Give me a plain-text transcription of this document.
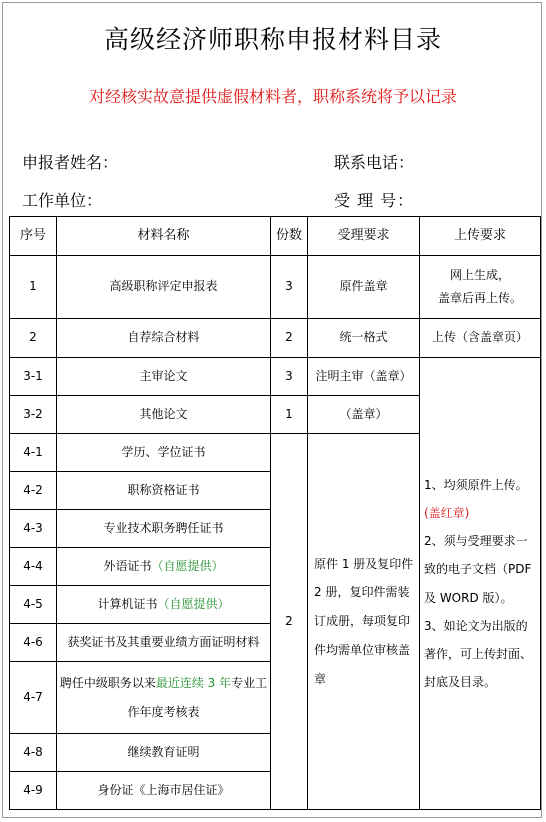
高级经济师职称申报材料目录
对经核实故意提供虚假材料者，职称系统将予以记录
申报者姓名：	联系电话：
工作单位：	受 理 号：
序号	材料名称	份数	受理要求	上传要求
1	高级职称评定申报表	3	原件盖章	网上生成，
盖章后再上传。
2	自荐综合材料	2	统一格式	上传（含盖章页）
3-1	主审论文	3	注明主审（盖章）	1、均须原件上传。(盖红章)
2、须与受理要求一致的电子文档（PDF 及 WORD 版）。
3、如论文为出版的著作，可上传封面、封底及目录。
3-2	其他论文	1	（盖章）	
4-1	学历、学位证书	2	原件 1 册及复印件 2 册，复印件需装订成册，每项复印件均需单位审核盖章	
4-2	职称资格证书			
4-3	专业技术职务聘任证书			
4-4	外语证书（自愿提供）			
4-5	计算机证书（自愿提供）			
4-6	获奖证书及其重要业绩方面证明材料			
4-7	聘任中级职务以来最近连续 3 年专业工作年度考核表			
4-8	继续教育证明			
4-9	身份证《上海市居住证》			
